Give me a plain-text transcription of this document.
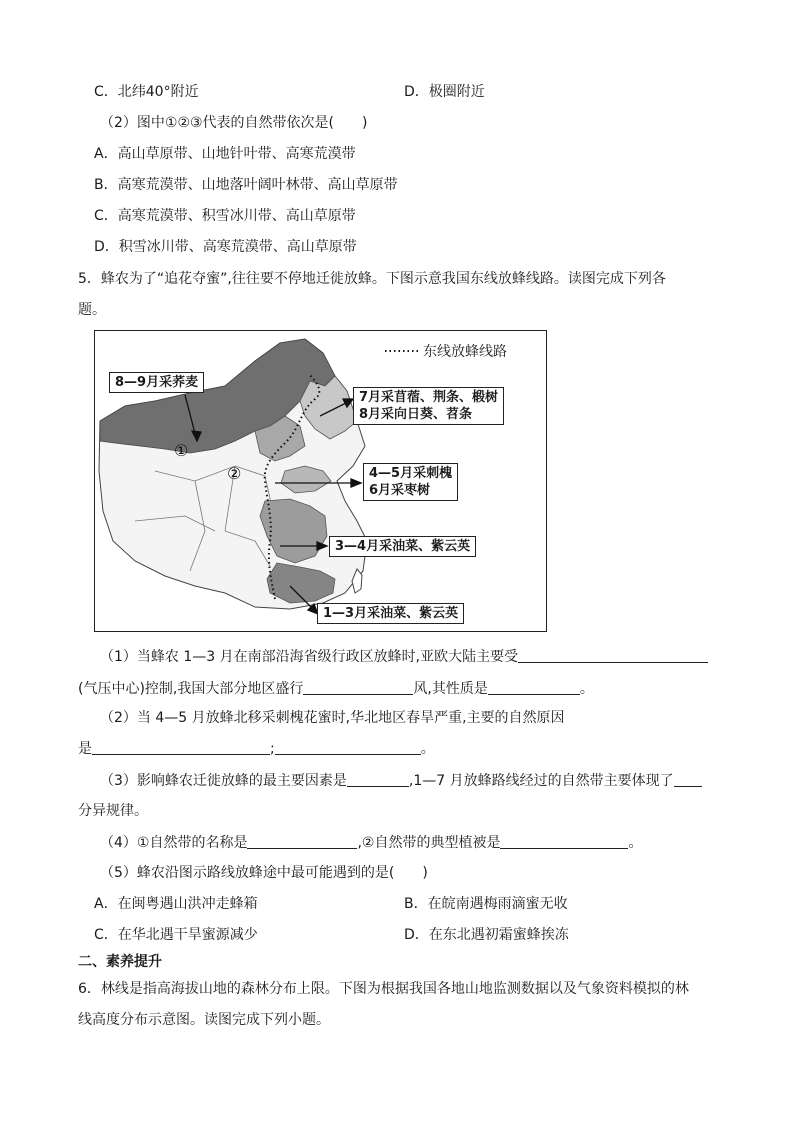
C．北纬40°附近	D．极圈附近
（2）图中①②③代表的自然带依次是(　　)
A．高山草原带、山地针叶带、高寒荒漠带
B．高寒荒漠带、山地落叶阔叶林带、高山草原带
C．高寒荒漠带、积雪冰川带、高山草原带
D．积雪冰川带、高寒荒漠带、高山草原带
5．蜂农为了“追花夺蜜”,往往要不停地迁徙放蜂。下图示意我国东线放蜂线路。读图完成下列各
题。
东线放蜂线路
8—9月采荞麦
7月采苜蓿、荆条、椴树
8月采向日葵、苕条
4—5月采刺槐
6月采枣树
3—4月采油菜、紫云英
1—3月采油菜、紫云英
①
②
（1）当蜂农 1—3 月在南部沿海省级行政区放蜂时,亚欧大陆主要受
(气压中心)控制,我国大部分地区盛行	风,其性质是	。
（2）当 4—5 月放蜂北移采刺槐花蜜时,华北地区春旱严重,主要的自然原因
是	;	。
（3）影响蜂农迁徙放蜂的最主要因素是	,1—7 月放蜂路线经过的自然带主要体现了
分异规律。
（4）①自然带的名称是	,②自然带的典型植被是	。
（5）蜂农沿图示路线放蜂途中最可能遇到的是(　　)
A．在闽粤遇山洪冲走蜂箱	B．在皖南遇梅雨滴蜜无收
C．在华北遇干旱蜜源减少	D．在东北遇初霜蜜蜂挨冻
二、素养提升
6．林线是指高海拔山地的森林分布上限。下图为根据我国各地山地监测数据以及气象资料模拟的林
线高度分布示意图。读图完成下列小题。
